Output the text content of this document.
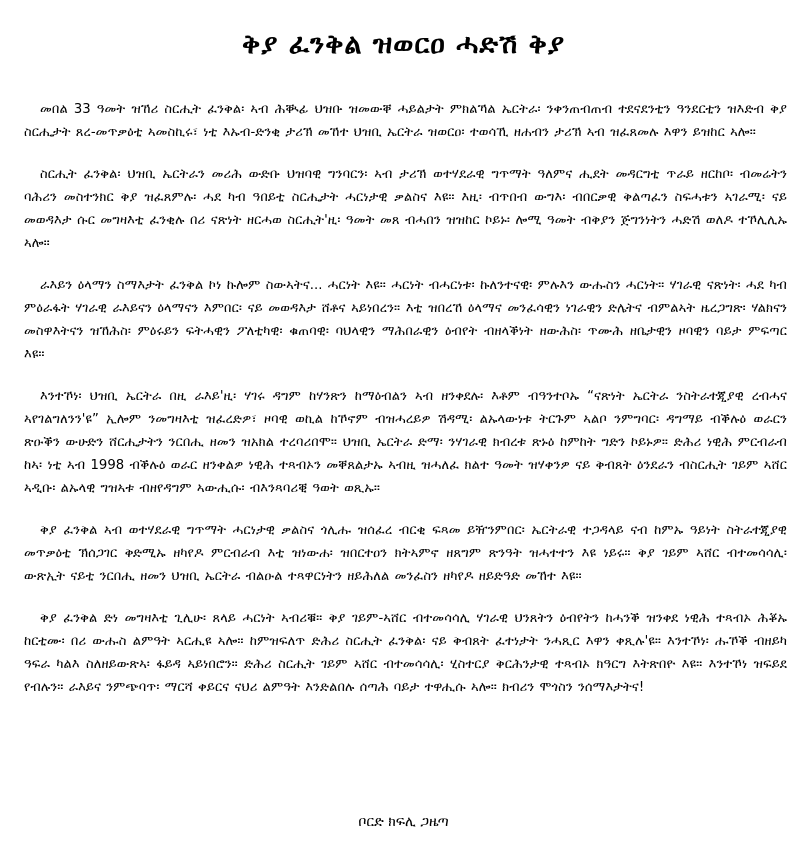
ቅያ ፈንቅል ዝወርዐ ሓድሽ ቅያ

መበል 33 ዓመት ዝኸሪ ስርሒት ፈንቅል፡ ኣብ ሕቚፊ ህዝቡ ዝመውቐ ሓይልታት ምክልኻል ኤርትራ፡ ንቀንጠብጠብ ተደናደንቲን ዓንደርቲን ዝእድብ ቅያ ስርሒታት ጸረ-መጥቃዕቲ ኣመስኪሩ፣ ነቲ እኡብ-ድንቂ ታሪኽ መኸተ ህዝቢ ኤርትራ ዝወርዐ፡ ተወሳኺ ዘሐብን ታሪኽ ኣብ ዝፈጸመሉ እዋን ይዝከር ኣሎ።

ስርሒት ፈንቅል፡ ህዝቢ ኤርትራን መሪሕ ውድቡ ህዝባዊ ግንባርን፡ ኣብ ታሪኽ ወተሃደራዊ ግጥማት ዓለምና ሒደት መዳርግቲ ጥራይ ዘርከቦ፡ ብመሬትን ባሕሪን መስተንክር ቅያ ዝፈጸምሉ፡ ሓደ ካብ ዓበይቲ ስርሒታት ሓርነታዊ ቃልስና እዩ። እዚ፡ ብጥበብ ውግእ፡ ብበርቃዊ ቅልጣፈን ስፍሓቱን ኣገራሚ፡ ናይ መወዳእታ ሱር መግዛእቲ ፈንቂሉ በሪ ናጽነት ዘርሓወ ስርሒት'ዚ፡ ዓመት መጸ ብሓበን ዝዝከር ኮይኑ፡ ሎሚ ዓመት ብቅያን ጅግንነትን ሓድሽ ወለዶ ተኾሊሊኡ ኣሎ።

ራእይን ዕላማን ስማእታት ፈንቅል ኮነ ኩሎም ስውኣትና... ሓርነት እዩ። ሓርነት ብሓርነቱ፡ ኩለንተናዊ፡ ምሉእን ውሑስን ሓርነት። ሃገራዊ ናጽነት፡ ሓደ ካብ ምዕራፋት ሃገራዊ ራእይናን ዕላማናን እምበር፡ ናይ መወዳእታ ሸቶና ኣይነበረን። እቲ ዝበረኸ ዕላማና መንፈሳዊን ነገራዊን ድሌትና ብምልኣት ዜረጋግጽ፡ ሃልክናን መስዋእትናን ዝኸሕስ፡ ምዕሩይን ፍትሓዊን ፖለቲካዊ፡ ቁጠባዊ፡ ባህላዊን ማሕበራዊን ዕብየት ብዘላቕነት ዘውሕስ፡ ጥሙሕ ዘቤታዊን ዞባዊን ባይታ ምፍጣር እዩ።

እንተኾነ፡ ህዝቢ ኤርትራ በዚ ራእይ'ዚ፡ ሃገሩ ዳግም ከሃንጽን ከማዕብልን ኣብ ዘንቀደሉ፡ እቶም ብዓንተቦኡ “ናጽነት ኤርትራ ንስትራተጂያዊ ረብሓና ኣየገልግለንን'ዩ” ኢሎም ንመግዛእቲ ዝፈረድዎ፣ ዞባዊ ወኪል ከኾኖም ብዝሓረይዎ ሽዳሚ፡ ልኡላውነቱ ትርጉም ኣልቦ ንምግባር፡ ዳግማይ ብቕሉዕ ወራርን ጽዑቕን ውሁድን ሸርሒታትን ንርበሒ ዘመን ዝአክል ተረባሪበሞ። ህዝቢ ኤርትራ ድማ፡ ንሃገራዊ ክብረቱ ጽኑዕ ከምከት ግድን ኮይኑዎ። ድሕሪ ነዊሕ ምርብራብ ከኣ፡ ነቲ ኣብ 1998 ብቕሉዕ ወራር ዘንቀልዎ ነዊሕ ተጻብኦን መቐጸልታኡ ኣብዚ ዝሓለፈ ክልተ ዓመት ዝሃቀንዎ ናይ ቅብጸት ዕንደራን ብስርሒት ገይም ኣሸር ኣዲቡ፡ ልኡላዊ ግዝኣቱ ብዘየዳግም ኣውሒሱ፡ ብእንጻባሪቒ ዓወት ወጺኡ።

ቅያ ፈንቅል ኣብ ወተሃደራዊ ግጥማት ሓርነታዊ ቃልስና ጎሊሑ ዝሰፈረ ብርቂ ፍጻመ ይዥንምበር፡ ኤርትራዊ ተጋዳላይ ናብ ከምኡ ዓይነት ስትራተጂያዊ መጥቃዕቲ ኽሰጋገር ቅድሚኡ ዘካየዶ ምርብራብ እቲ ዝነውሐ፡ ዝበርተዐን ክትኣምኖ ዘጸግም ጽንዓት ዝሓተተን እዩ ነይሩ። ቅያ ገይም ኣሸር ብተመሳሳሊ፡ ውጽኢት ናይቲ ንርበሒ ዘመን ህዝቢ ኤርትራ ብልዑል ተጻዋርነትን ዘይሕለል መንፈስን ዘካየዶ ዘይድዓድ መኸተ እዩ።

ቅያ ፈንቅል ድነ መግዛእቲ ጊሊሁ፡ ጸላይ ሓርነት ኣብሪቑ። ቅያ ገይም-ኣሸር ብተመሳሳሊ ሃገራዊ ህንጸትን ዕብየትን ከሓንቕ ዝንቀደ ነዊሕ ተጻብኦ ሕቖኡ ከርቲሙ፡ በሪ ውሑስ ልምዓት ኣርሒዩ ኣሎ። ከምዝፍለጥ ድሕሪ ስርሒት ፈንቅል፡ ናይ ቅብጸት ፈተነታት ንሓጺር እዋን ቀጺሉ'ዩ። እንተኾነ፡ ሑኾቕ ብዘይካ ዓፍራ ካልእ ስለዘይውጽኣ፡ ፋይዳ ኣይነበሮን። ድሕሪ ስርሒት ገይም ኣሸር ብተመሳሳሊ፡ ሂስተርያ ቅርሕንታዊ ተጻብኦ ክዓርግ እትጽበዮ እዩ። እንተኾነ ዝፍይደ የብሉን። ራእይና ንምጭባጥ፡ ማርሻ ቀይርና ናህሪ ልምዓት እንድልበሉ ሰጣሕ ባይታ ተዋሒሱ ኣሎ። ክብሪን ሞጎስን ንሰማእታትና!

ቦርድ ክፍሊ ጋዜጣ
